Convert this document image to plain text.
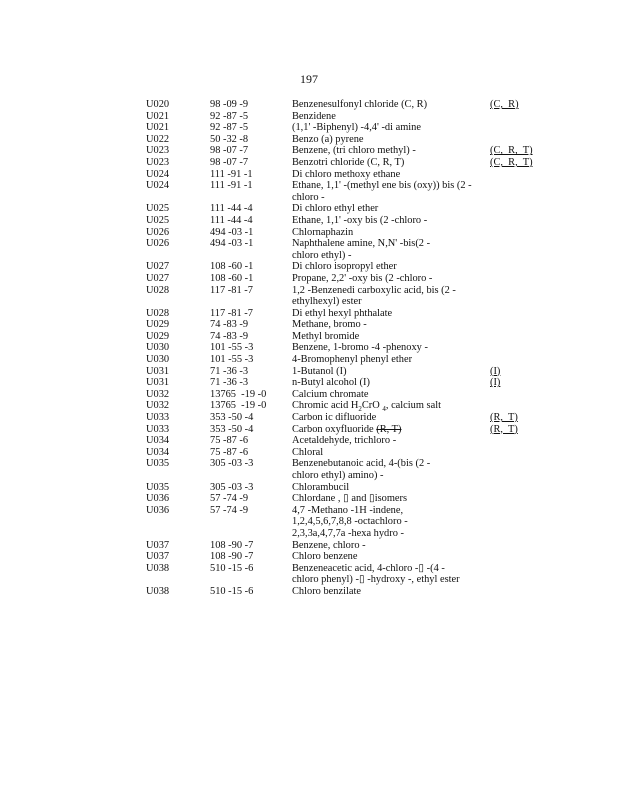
197
U020	98 -09 -9	Benzenesulfonyl chloride (C, R)	(C,  R)
U021	92 -87 -5	Benzidene
U021	92 -87 -5	(1,1' -Biphenyl) -4,4' -di amine
U022	50 -32 -8	Benzo (a) pyrene
U023	98 -07 -7	Benzene, (tri chloro methyl) -	(C,  R,  T)
U023	98 -07 -7	Benzotri chloride (C, R, T)	(C,  R,  T)
U024	111 -91 -1	Di chloro methoxy ethane
U024	111 -91 -1	Ethane, 1,1' -(methyl ene bis (oxy)) bis (2 -
chloro -
U025	111 -44 -4	Di chloro ethyl ether
U025	111 -44 -4	Ethane, 1,1' -oxy bis (2 -chloro -
U026	494 -03 -1	Chlornaphazin
U026	494 -03 -1	Naphthalene amine, N,N' -bis(2 -
chloro ethyl) -
U027	108 -60 -1	Di chloro isopropyl ether
U027	108 -60 -1	Propane, 2,2' -oxy bis (2 -chloro -
U028	117 -81 -7	1,2 -Benzenedi carboxylic acid, bis (2 -
ethylhexyl) ester
U028	117 -81 -7	Di ethyl hexyl phthalate
U029	74 -83 -9	Methane, bromo -
U029	74 -83 -9	Methyl bromide
U030	101 -55 -3	Benzene, 1-bromo -4 -phenoxy -
U030	101 -55 -3	4-Bromophenyl phenyl ether
U031	71 -36 -3	1-Butanol (I)	(I)
U031	71 -36 -3	n-Butyl alcohol (I)	(I)
U032	13765  -19 -0	Calcium chromate
U032	13765  -19 -0	Chromic acid $H_2CrO$ $_4$, calcium salt
U033	353 -50 -4	Carbon ic difluoride	(R,  T)
U033	353 -50 -4	Carbon oxyfluoride (R, T)	(R,  T)
U034	75 -87 -6	Acetaldehyde, trichloro -
U034	75 -87 -6	Chloral
U035	305 -03 -3	Benzenebutanoic acid, 4-(bis (2 -
chloro ethyl) amino) -
U035	305 -03 -3	Chlorambucil
U036	57 -74 -9	Chlordane , ▯ and ▯isomers
U036	57 -74 -9	4,7 -Methano -1H -indene,
1,2,4,5,6,7,8,8 -octachloro -
2,3,3a,4,7,7a -hexa hydro -
U037	108 -90 -7	Benzene, chloro -
U037	108 -90 -7	Chloro benzene
U038	510 -15 -6	Benzeneacetic acid, 4-chloro -▯ -(4 -
chloro phenyl) -▯ -hydroxy -, ethyl ester
U038	510 -15 -6	Chloro benzilate
